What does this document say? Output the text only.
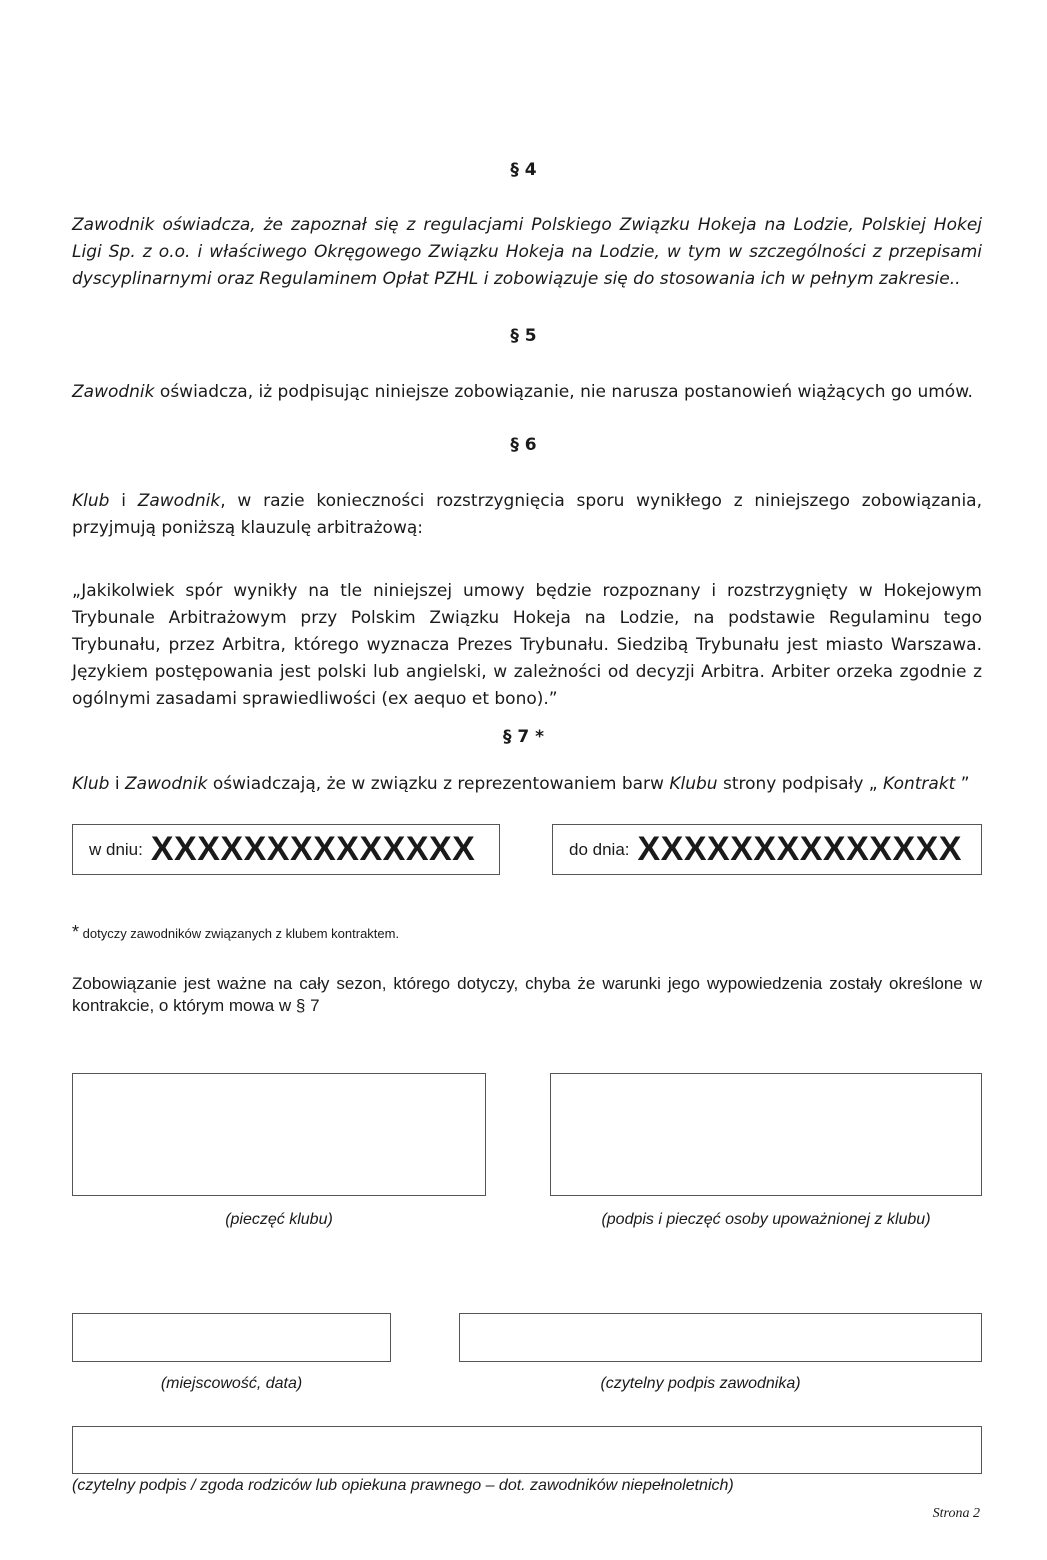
§ 4
Zawodnik oświadcza, że zapoznał się z regulacjami Polskiego Związku Hokeja na Lodzie, Polskiej Hokej Ligi Sp. z o.o. i właściwego Okręgowego Związku Hokeja na Lodzie, w tym w szczególności z przepisami dyscyplinarnymi oraz Regulaminem Opłat PZHL i zobowiązuje się do stosowania ich w pełnym zakresie..
§ 5
Zawodnik oświadcza, iż podpisując niniejsze zobowiązanie, nie narusza postanowień wiążących go umów.
§ 6
Klub i Zawodnik, w razie konieczności rozstrzygnięcia sporu wynikłego z niniejszego zobowiązania, przyjmują poniższą klauzulę arbitrażową:
„Jakikolwiek spór wynikły na tle niniejszej umowy będzie rozpoznany i rozstrzygnięty w Hokejowym Trybunale Arbitrażowym przy Polskim Związku Hokeja na Lodzie, na podstawie Regulaminu tego Trybunału, przez Arbitra, którego wyznacza Prezes Trybunału. Siedzibą Trybunału jest miasto Warszawa. Językiem postępowania jest polski lub angielski, w zależności od decyzji Arbitra. Arbiter orzeka zgodnie z ogólnymi zasadami sprawiedliwości (ex aequo et bono).”
§ 7 *
Klub i Zawodnik oświadczają, że w związku z reprezentowaniem barw Klubu strony podpisały „ Kontrakt ”
w dniu: XXXXXXXXXXXXXX	do dnia: XXXXXXXXXXXXXX
* dotyczy zawodników związanych z klubem kontraktem.
Zobowiązanie jest ważne na cały sezon, którego dotyczy, chyba że warunki jego wypowiedzenia zostały określone w kontrakcie, o którym mowa w § 7
(pieczęć klubu)	(podpis i pieczęć osoby upoważnionej z klubu)
(miejscowość, data)	(czytelny podpis zawodnika)
(czytelny podpis / zgoda rodziców lub opiekuna prawnego – dot. zawodników niepełnoletnich)
Strona 2
